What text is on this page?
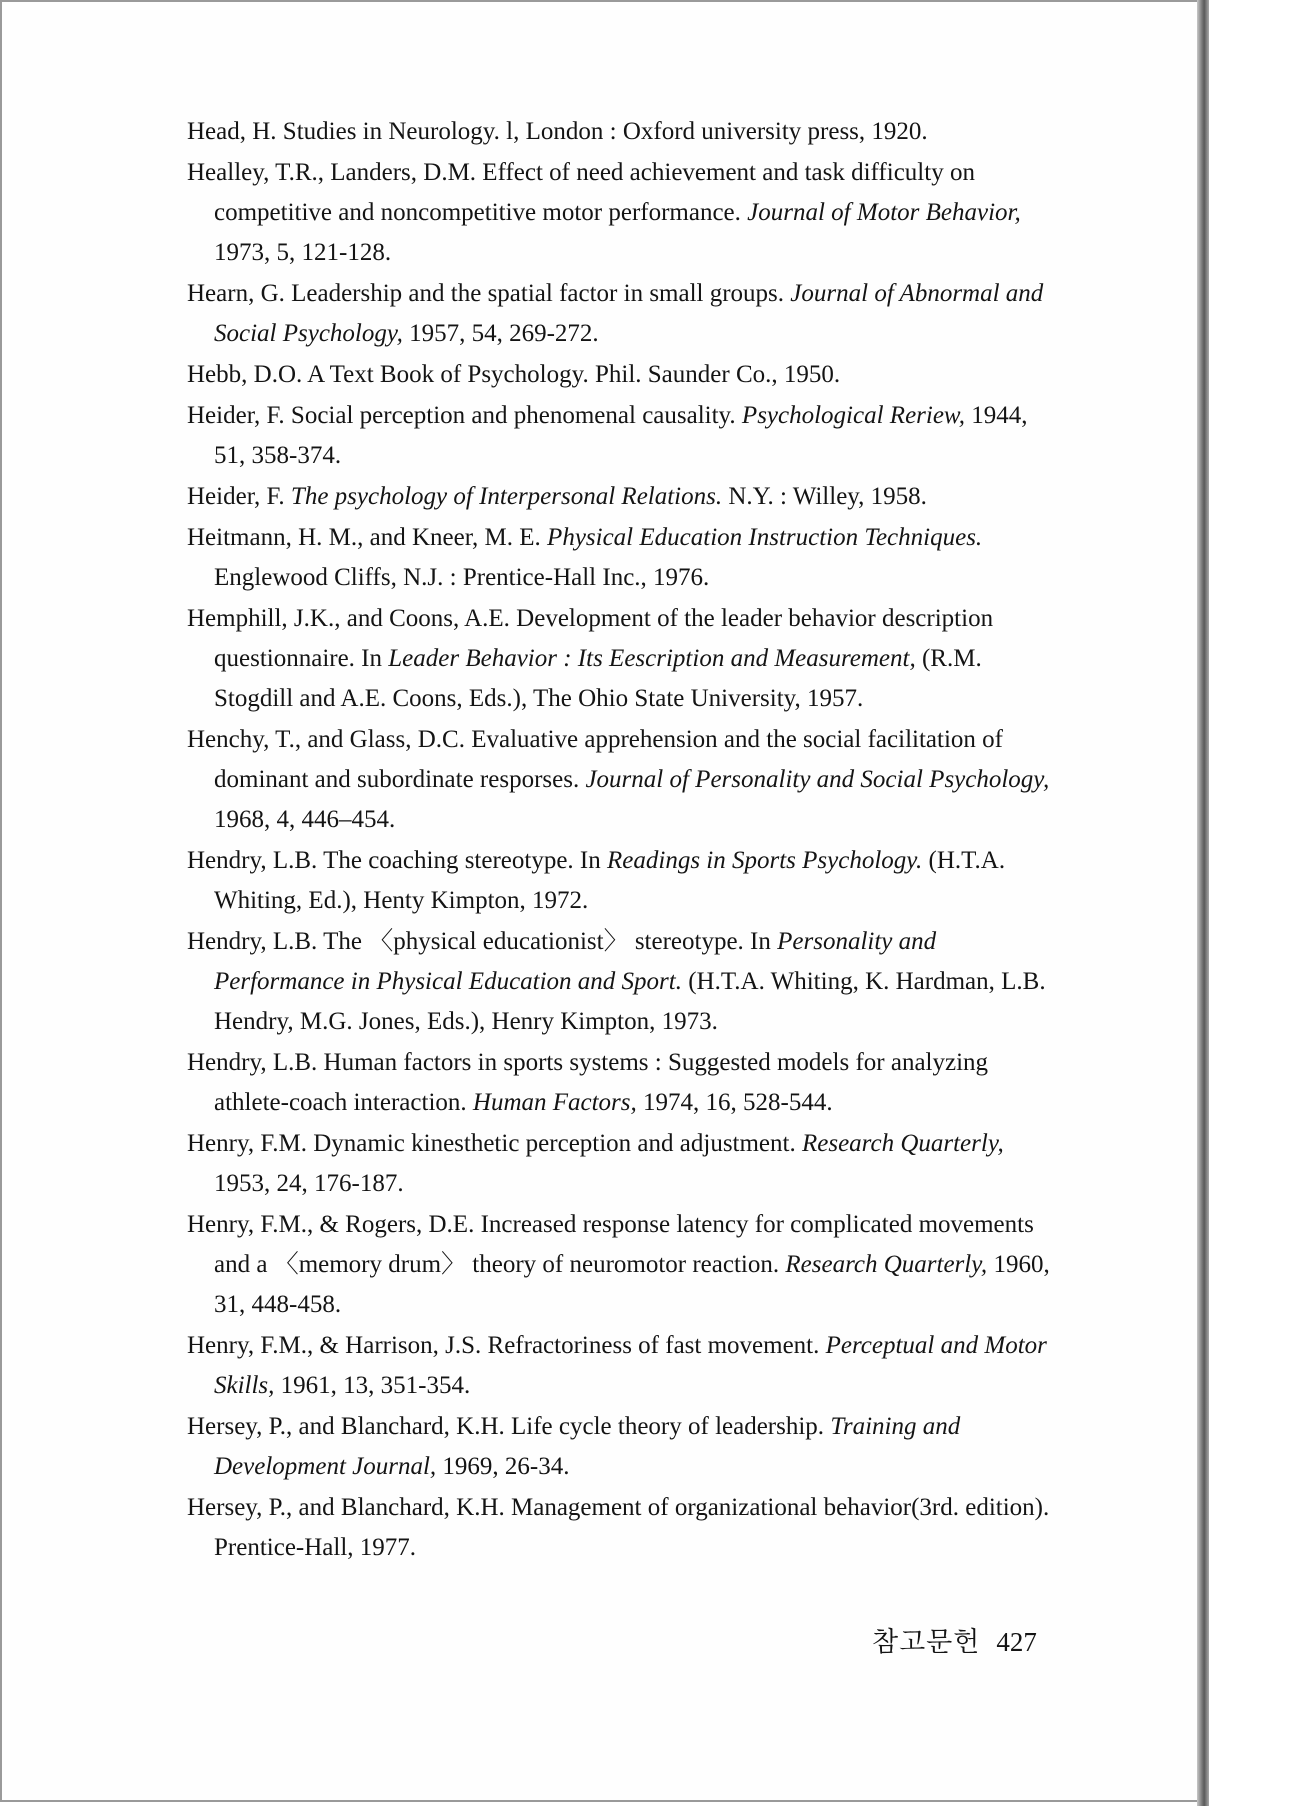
Head, H. Studies in Neurology. l, London : Oxford university press, 1920.
Healley, T.R., Landers, D.M. Effect of need achievement and task difficulty on competitive and noncompetitive motor performance. Journal of Motor Behavior, 1973, 5, 121-128.
Hearn, G. Leadership and the spatial factor in small groups. Journal of Abnormal and Social Psychology, 1957, 54, 269-272.
Hebb, D.O. A Text Book of Psychology. Phil. Saunder Co., 1950.
Heider, F. Social perception and phenomenal causality. Psychological Reriew, 1944, 51, 358-374.
Heider, F. The psychology of Interpersonal Relations. N.Y. : Willey, 1958.
Heitmann, H. M., and Kneer, M. E. Physical Education Instruction Techniques. Englewood Cliffs, N.J. : Prentice-Hall Inc., 1976.
Hemphill, J.K., and Coons, A.E. Development of the leader behavior description questionnaire. In Leader Behavior : Its Eescription and Measurement, (R.M. Stogdill and A.E. Coons, Eds.), The Ohio State University, 1957.
Henchy, T., and Glass, D.C. Evaluative apprehension and the social facilitation of dominant and subordinate resporses. Journal of Personality and Social Psychology, 1968, 4, 446–454.
Hendry, L.B. The coaching stereotype. In Readings in Sports Psychology. (H.T.A. Whiting, Ed.), Henty Kimpton, 1972.
Hendry, L.B. The 〈physical educationist〉 stereotype. In Personality and Performance in Physical Education and Sport. (H.T.A. Whiting, K. Hardman, L.B. Hendry, M.G. Jones, Eds.), Henry Kimpton, 1973.
Hendry, L.B. Human factors in sports systems : Suggested models for analyzing athlete-coach interaction. Human Factors, 1974, 16, 528-544.
Henry, F.M. Dynamic kinesthetic perception and adjustment. Research Quarterly, 1953, 24, 176-187.
Henry, F.M., & Rogers, D.E. Increased response latency for complicated movements and a 〈memory drum〉 theory of neuromotor reaction. Research Quarterly, 1960, 31, 448-458.
Henry, F.M., & Harrison, J.S. Refractoriness of fast movement. Perceptual and Motor Skills, 1961, 13, 351-354.
Hersey, P., and Blanchard, K.H. Life cycle theory of leadership. Training and Development Journal, 1969, 26-34.
Hersey, P., and Blanchard, K.H. Management of organizational behavior(3rd. edition). Prentice-Hall, 1977.
참고문헌 427
